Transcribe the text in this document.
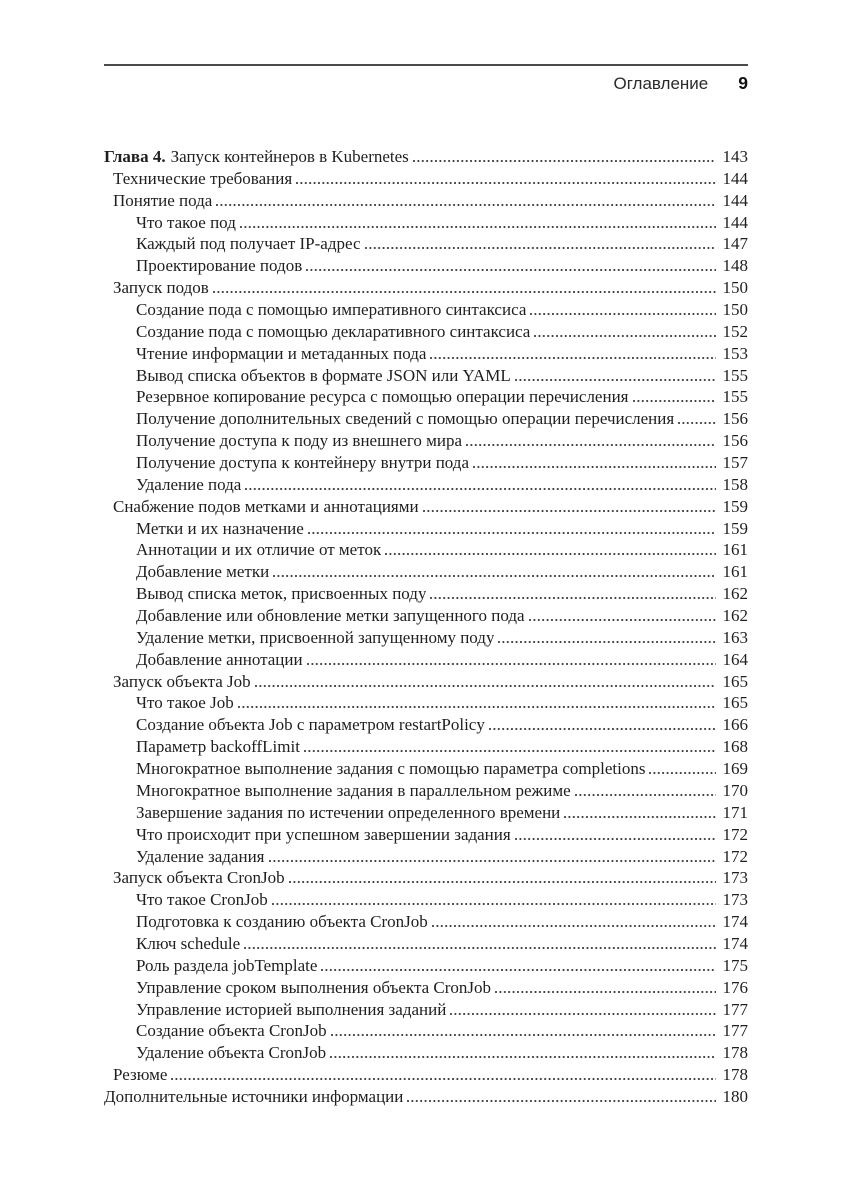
Оглавление 9
Глава 4. Запуск контейнеров в Kubernetes	143
Технические требования	144
Понятие пода	144
Что такое под	144
Каждый под получает IP-адрес	147
Проектирование подов	148
Запуск подов	150
Создание пода с помощью императивного синтаксиса	150
Создание пода с помощью декларативного синтаксиса	152
Чтение информации и метаданных пода	153
Вывод списка объектов в формате JSON или YAML	155
Резервное копирование ресурса с помощью операции перечисления	155
Получение дополнительных сведений с помощью операции перечисления	156
Получение доступа к поду из внешнего мира	156
Получение доступа к контейнеру внутри пода	157
Удаление пода	158
Снабжение подов метками и аннотациями	159
Метки и их назначение	159
Аннотации и их отличие от меток	161
Добавление метки	161
Вывод списка меток, присвоенных поду	162
Добавление или обновление метки запущенного пода	162
Удаление метки, присвоенной запущенному поду	163
Добавление аннотации	164
Запуск объекта Job	165
Что такое Job	165
Создание объекта Job с параметром restartPolicy	166
Параметр backoffLimit	168
Многократное выполнение задания с помощью параметра completions	169
Многократное выполнение задания в параллельном режиме	170
Завершение задания по истечении определенного времени	171
Что происходит при успешном завершении задания	172
Удаление задания	172
Запуск объекта CronJob	173
Что такое CronJob	173
Подготовка к созданию объекта CronJob	174
Ключ schedule	174
Роль раздела jobTemplate	175
Управление сроком выполнения объекта CronJob	176
Управление историей выполнения заданий	177
Создание объекта CronJob	177
Удаление объекта CronJob	178
Резюме	178
Дополнительные источники информации	180
